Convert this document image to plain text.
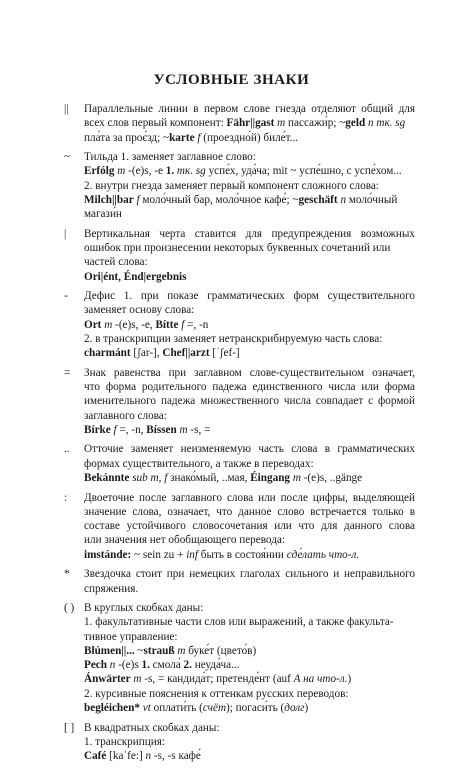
УСЛОВНЫЕ ЗНАКИ
||	Параллельные линии в первом слове гнезда отделяют общий для
всех слов первый компонент: Fähr||gast m пассажи́р; ~geld n тк. sg
пла́та за проє́зд; ~karte f (проездно́й) биле́т...
~	Тильда 1. заменяет заглавное слово:
Erfólg m -(e)s, -e 1. тк. sg успе́х, уда́ча; mit ~ успе́шно, с успе́хом...
2. внутри гнезда заменяет первый компонент сложного слова:
Milch||bar f моло́чный бар, моло́чное кафе́; ~geschäft n моло́чный
магази́н
|	Вертикальная черта ставится для предупреждения возможных
ошибок при произнесении некоторых буквенных сочетаний или
частей слова:
Ori|ént, Énd|ergebnis
-	Дефис 1. при показе грамматических форм существительного
заменяет основу слова:
Ort m -(e)s, -e, Bítte f =, -n
2. в транскрипции заменяет нетранскрибируемую часть слова:
charmánt [ʃar-], Chef||arzt [ˈʃef-]
=	Знак равенства при заглавном слове-существительном означает,
что форма родительного падежа единственного числа или форма
именительного падежа множественного числа совпадает с формой
заглавного слова:
Bírke f =, -n, Bíssen m -s, =
..	Отточие заменяет неизменяемую часть слова в грамматических
формах существительного, а также в переводах:
Bekánnte sub m, f знако́мый, ..мая, Éingang m -(e)s, ..gänge
:	Двоеточие после заглавного слова или после цифры, выделяющей
значение слова, означает, что данное слово встречается только в
составе устойчивого словосочетания или что для данного слова
или значения нет обобщающего перевода:
imstánde: ~ sein zu + inf быть в состоя́нии сде́лать что-л.
*	Звездочка стоит при немецких глаголах сильного и неправильного
спряжения.
( ) В круглых скобках даны:
1. факультативные части слов или выражений, а также факульта-
тивное управление:
Blúmen||... ~strauß m буке́т (цвето́в)
Pech n -(e)s 1. смола́ 2. неуда́ча...
Ánwärter m -s, = кандида́т; претенде́нт (auf A на что-л.)
2. курсивные пояснения к оттенкам русских переводов:
begléichen* vt оплати́ть (счёт); погаси́ть (долг)
[ ] В квадратных скобках даны:
1. транскрипция:
Café [kaˈfe:] n -s, -s кафе́
